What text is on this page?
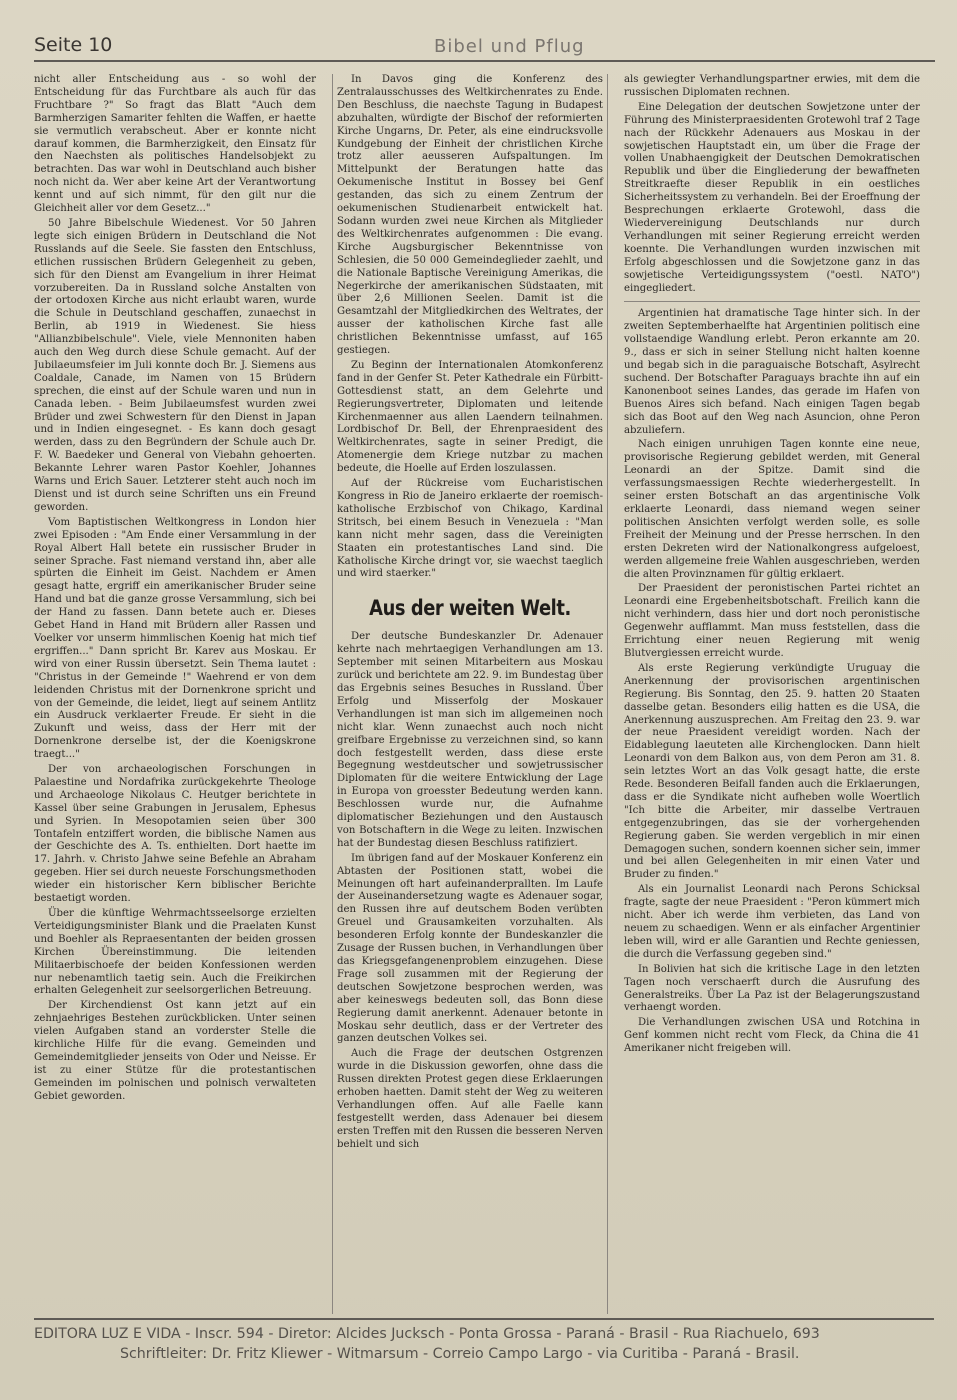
Seite 10	Bibel und Pflug

nicht aller Entscheidung aus - so wohl der Entscheidung für das Furchtbare als auch für das Fruchtbare ?" So fragt das Blatt "Auch dem Barmherzigen Samariter fehlten die Waffen, er haette sie vermutlich verabscheut. Aber er konnte nicht darauf kommen, die Barmherzigkeit, den Einsatz für den Naechsten als politisches Handelsobjekt zu betrachten. Das war wohl in Deutschland auch bisher noch nicht da. Wer aber keine Art der Verantwortung kennt und auf sich nimmt, für den gilt nur die Gleichheit aller vor dem Gesetz..."

50 Jahre Bibelschule Wiedenest. Vor 50 Jahren legte sich einigen Brüdern in Deutschland die Not Russlands auf die Seele. Sie fassten den Entschluss, etlichen russischen Brüdern Gelegenheit zu geben, sich für den Dienst am Evangelium in ihrer Heimat vorzubereiten. Da in Russland solche Anstalten von der ortodoxen Kirche aus nicht erlaubt waren, wurde die Schule in Deutschland geschaffen, zunaechst in Berlin, ab 1919 in Wiedenest. Sie hiess "Allianzbibelschule". Viele, viele Mennoniten haben auch den Weg durch diese Schule gemacht. Auf der Jubilaeumsfeier im Juli konnte doch Br. J. Siemens aus Coaldale, Canade, im Namen von 15 Brüdern sprechen, die einst auf der Schule waren und nun in Canada leben. - Beim Jubilaeumsfest wurden zwei Brüder und zwei Schwestern für den Dienst in Japan und in Indien eingesegnet. - Es kann doch gesagt werden, dass zu den Begründern der Schule auch Dr. F. W. Baedeker und General von Viebahn gehoerten. Bekannte Lehrer waren Pastor Koehler, Johannes Warns und Erich Sauer. Letzterer steht auch noch im Dienst und ist durch seine Schriften uns ein Freund geworden.

Vom Baptistischen Weltkongress in London hier zwei Episoden : "Am Ende einer Versammlung in der Royal Albert Hall betete ein russischer Bruder in seiner Sprache. Fast niemand verstand ihn, aber alle spürten die Einheit im Geist. Nachdem er Amen gesagt hatte, ergriff ein amerikanischer Bruder seine Hand und bat die ganze grosse Versammlung, sich bei der Hand zu fassen. Dann betete auch er. Dieses Gebet Hand in Hand mit Brüdern aller Rassen und Voelker vor unserm himmlischen Koenig hat mich tief ergriffen..." Dann spricht Br. Karev aus Moskau. Er wird von einer Russin übersetzt. Sein Thema lautet : "Christus in der Gemeinde !" Waehrend er von dem leidenden Christus mit der Dornenkrone spricht und von der Gemeinde, die leidet, liegt auf seinem Antlitz ein Ausdruck verklaerter Freude. Er sieht in die Zukunft und weiss, dass der Herr mit der Dornenkrone derselbe ist, der die Koenigskrone traegt..."

Der von archaeologischen Forschungen in Palaestine und Nordafrika zurückgekehrte Theologe und Archaeologe Nikolaus C. Heutger berichtete in Kassel über seine Grabungen in Jerusalem, Ephesus und Syrien. In Mesopotamien seien über 300 Tontafeln entziffert worden, die biblische Namen aus der Geschichte des A. Ts. enthielten. Dort haette im 17. Jahrh. v. Christo Jahwe seine Befehle an Abraham gegeben. Hier sei durch neueste Forschungsmethoden wieder ein historischer Kern biblischer Berichte bestaetigt worden.

Über die künftige Wehrmachtsseelsorge erzielten Verteidigungsminister Blank und die Praelaten Kunst und Boehler als Repraesentanten der beiden grossen Kirchen Übereinstimmung. Die leitenden Militaerbischoefe der beiden Konfessionen werden nur nebenamtlich taetig sein. Auch die Freikirchen erhalten Gelegenheit zur seelsorgerlichen Betreuung.

Der Kirchendienst Ost kann jetzt auf ein zehnjaehriges Bestehen zurückblicken. Unter seinen vielen Aufgaben stand an vorderster Stelle die kirchliche Hilfe für die evang. Gemeinden und Gemeindemitglieder jenseits von Oder und Neisse. Er ist zu einer Stütze für die protestantischen Gemeinden im polnischen und polnisch verwalteten Gebiet geworden.

In Davos ging die Konferenz des Zentralausschusses des Weltkirchenrates zu Ende. Den Beschluss, die naechste Tagung in Budapest abzuhalten, würdigte der Bischof der reformierten Kirche Ungarns, Dr. Peter, als eine eindrucksvolle Kundgebung der Einheit der christlichen Kirche trotz aller aeusseren Aufspaltungen. Im Mittelpunkt der Beratungen hatte das Oekumenische Institut in Bossey bei Genf gestanden, das sich zu einem Zentrum der oekumenischen Studienarbeit entwickelt hat. Sodann wurden zwei neue Kirchen als Mitglieder des Weltkirchenrates aufgenommen : Die evang. Kirche Augsburgischer Bekenntnisse von Schlesien, die 50 000 Gemeindeglieder zaehlt, und die Nationale Baptische Vereinigung Amerikas, die Negerkirche der amerikanischen Südstaaten, mit über 2,6 Millionen Seelen. Damit ist die Gesamtzahl der Mitgliedkirchen des Weltrates, der ausser der katholischen Kirche fast alle christlichen Bekenntnisse umfasst, auf 165 gestiegen.

Zu Beginn der Internationalen Atomkonferenz fand in der Genfer St. Peter Kathedrale ein Fürbitt-Gottesdienst statt, an dem Gelehrte und Regierungsvertreter, Diplomaten und leitende Kirchenmaenner aus allen Laendern teilnahmen. Lordbischof Dr. Bell, der Ehrenpraesident des Weltkirchenrates, sagte in seiner Predigt, die Atomenergie dem Kriege nutzbar zu machen bedeute, die Hoelle auf Erden loszulassen.

Auf der Rückreise vom Eucharistischen Kongress in Rio de Janeiro erklaerte der roemisch-katholische Erzbischof von Chikago, Kardinal Stritsch, bei einem Besuch in Venezuela : "Man kann nicht mehr sagen, dass die Vereinigten Staaten ein protestantisches Land sind. Die Katholische Kirche dringt vor, sie waechst taeglich und wird staerker."

Aus der weiten Welt.

Der deutsche Bundeskanzler Dr. Adenauer kehrte nach mehrtaegigen Verhandlungen am 13. September mit seinen Mitarbeitern aus Moskau zurück und berichtete am 22. 9. im Bundestag über das Ergebnis seines Besuches in Russland. Über Erfolg und Misserfolg der Moskauer Verhandlungen ist man sich im allgemeinen noch nicht klar. Wenn zunaechst auch noch nicht greifbare Ergebnisse zu verzeichnen sind, so kann doch festgestellt werden, dass diese erste Begegnung westdeutscher und sowjetrussischer Diplomaten für die weitere Entwicklung der Lage in Europa von groesster Bedeutung werden kann. Beschlossen wurde nur, die Aufnahme diplomatischer Beziehungen und den Austausch von Botschaftern in die Wege zu leiten. Inzwischen hat der Bundestag diesen Beschluss ratifiziert.

Im übrigen fand auf der Moskauer Konferenz ein Abtasten der Positionen statt, wobei die Meinungen oft hart aufeinanderprallten. Im Laufe der Auseinandersetzung wagte es Adenauer sogar, den Russen ihre auf deutschem Boden verübten Greuel und Grausamkeiten vorzuhalten. Als besonderen Erfolg konnte der Bundeskanzler die Zusage der Russen buchen, in Verhandlungen über das Kriegsgefangenenproblem einzugehen. Diese Frage soll zusammen mit der Regierung der deutschen Sowjetzone besprochen werden, was aber keineswegs bedeuten soll, das Bonn diese Regierung damit anerkennt. Adenauer betonte in Moskau sehr deutlich, dass er der Vertreter des ganzen deutschen Volkes sei.

Auch die Frage der deutschen Ostgrenzen wurde in die Diskussion geworfen, ohne dass die Russen direkten Protest gegen diese Erklaerungen erhoben haetten. Damit steht der Weg zu weiteren Verhandlungen offen. Auf alle Faelle kann festgestellt werden, dass Adenauer bei diesem ersten Treffen mit den Russen die besseren Nerven behielt und sich

als gewiegter Verhandlungspartner erwies, mit dem die russischen Diplomaten rechnen.

Eine Delegation der deutschen Sowjetzone unter der Führung des Ministerpraesidenten Grotewohl traf 2 Tage nach der Rückkehr Adenauers aus Moskau in der sowjetischen Hauptstadt ein, um über die Frage der vollen Unabhaengigkeit der Deutschen Demokratischen Republik und über die Eingliederung der bewaffneten Streitkraefte dieser Republik in ein oestliches Sicherheitssystem zu verhandeln. Bei der Eroeffnung der Besprechungen erklaerte Grotewohl, dass die Wiedervereinigung Deutschlands nur durch Verhandlungen mit seiner Regierung erreicht werden koennte. Die Verhandlungen wurden inzwischen mit Erfolg abgeschlossen und die Sowjetzone ganz in das sowjetische Verteidigungssystem ("oestl. NATO") eingegliedert.

Argentinien hat dramatische Tage hinter sich. In der zweiten Septemberhaelfte hat Argentinien politisch eine vollstaendige Wandlung erlebt. Peron erkannte am 20. 9., dass er sich in seiner Stellung nicht halten koenne und begab sich in die paraguaische Botschaft, Asylrecht suchend. Der Botschafter Paraguays brachte ihn auf ein Kanonenboot seines Landes, das gerade im Hafen von Buenos Aires sich befand. Nach einigen Tagen begab sich das Boot auf den Weg nach Asuncion, ohne Peron abzuliefern.

Nach einigen unruhigen Tagen konnte eine neue, provisorische Regierung gebildet werden, mit General Leonardi an der Spitze. Damit sind die verfassungsmaessigen Rechte wiederhergestellt. In seiner ersten Botschaft an das argentinische Volk erklaerte Leonardi, dass niemand wegen seiner politischen Ansichten verfolgt werden solle, es solle Freiheit der Meinung und der Presse herrschen. In den ersten Dekreten wird der Nationalkongress aufgeloest, werden allgemeine freie Wahlen ausgeschrieben, werden die alten Provinznamen für gültig erklaert.

Der Praesident der peronistischen Partei richtet an Leonardi eine Ergebenheitsbotschaft. Freilich kann die nicht verhindern, dass hier und dort noch peronistische Gegenwehr aufflammt. Man muss feststellen, dass die Errichtung einer neuen Regierung mit wenig Blutvergiessen erreicht wurde.

Als erste Regierung verkündigte Uruguay die Anerkennung der provisorischen argentinischen Regierung. Bis Sonntag, den 25. 9. hatten 20 Staaten dasselbe getan. Besonders eilig hatten es die USA, die Anerkennung auszusprechen. Am Freitag den 23. 9. war der neue Praesident vereidigt worden. Nach der Eidablegung laeuteten alle Kirchenglocken. Dann hielt Leonardi von dem Balkon aus, von dem Peron am 31. 8. sein letztes Wort an das Volk gesagt hatte, die erste Rede. Besonderen Beifall fanden auch die Erklaerungen, dass er die Syndikate nicht aufheben wolle Woertlich "Ich bitte die Arbeiter, mir dasselbe Vertrauen entgegenzubringen, das sie der vorhergehenden Regierung gaben. Sie werden vergeblich in mir einen Demagogen suchen, sondern koennen sicher sein, immer und bei allen Gelegenheiten in mir einen Vater und Bruder zu finden."

Als ein Journalist Leonardi nach Perons Schicksal fragte, sagte der neue Praesident : "Peron kümmert mich nicht. Aber ich werde ihm verbieten, das Land von neuem zu schaedigen. Wenn er als einfacher Argentinier leben will, wird er alle Garantien und Rechte geniessen, die durch die Verfassung gegeben sind."

In Bolivien hat sich die kritische Lage in den letzten Tagen noch verschaerft durch die Ausrufung des Generalstreiks. Über La Paz ist der Belagerungszustand verhaengt worden.

Die Verhandlungen zwischen USA und Rotchina in Genf kommen nicht recht vom Fleck, da China die 41 Amerikaner nicht freigeben will.

EDITORA LUZ E VIDA - Inscr. 594 - Diretor: Alcides Jucksch - Ponta Grossa - Paraná - Brasil - Rua Riachuelo, 693
Schriftleiter: Dr. Fritz Kliewer - Witmarsum - Correio Campo Largo - via Curitiba - Paraná - Brasil.
